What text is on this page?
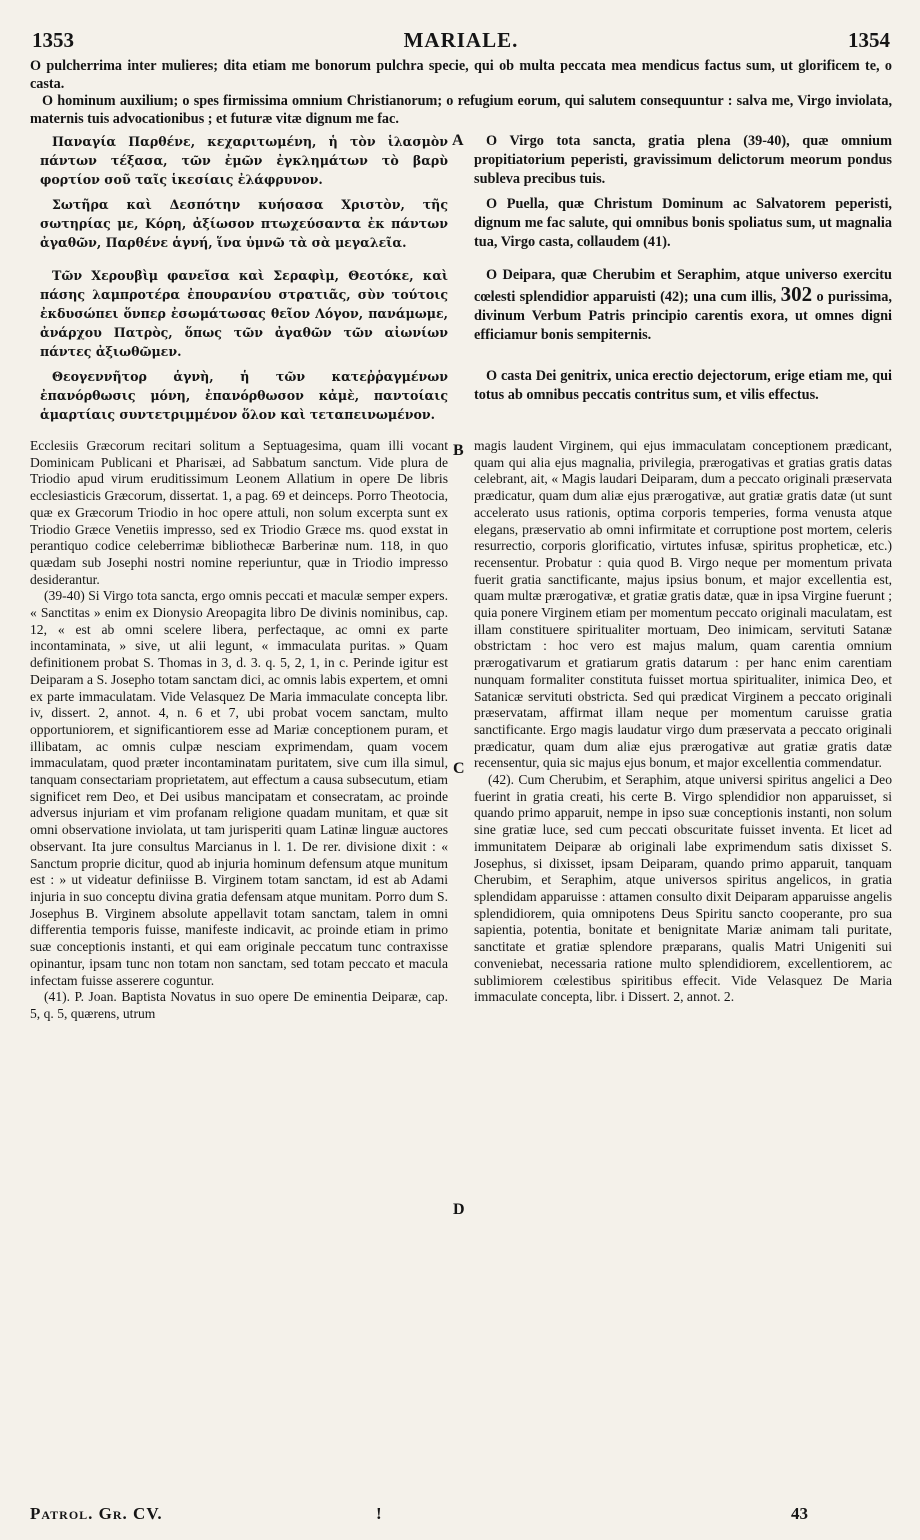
1353	MARIALE.	1354

O pulcherrima inter mulieres; dita etiam me bonorum pulchra specie, qui ob multa peccata mea mendicus factus sum, ut glorificem te, o casta.

O hominum auxilium; o spes firmissima omnium Christianorum; o refugium eorum, qui salutem consequuntur : salva me, Virgo inviolata, maternis tuis advocationibus ; et futuræ vitæ dignum me fac.

A

Παναγία Παρθένε, κεχαριτωμένη, ἡ τὸν ἱλασμὸν πάντων τέξασα, τῶν ἐμῶν ἐγκλημάτων τὸ βαρὺ φορτίον σοῦ ταῖς ἱκεσίαις ἐλάφρυνον.

O Virgo tota sancta, gratia plena (39-40), quæ omnium propitiatorium peperisti, gravissimum delictorum meorum pondus sublevа precibus tuis.

Σωτῆρα καὶ Δεσπότην κυήσασα Χριστὸν, τῆς σωτηρίας με, Κόρη, ἀξίωσον πτωχεύσαντα ἐκ πάντων ἀγαθῶν, Παρθένε ἁγνή, ἵνα ὑμνῶ τὰ σὰ μεγαλεῖα.

O Puella, quæ Christum Dominum ac Salvatorem peperisti, dignum me fac salute, qui omnibus bonis spoliatus sum, ut magnalia tua, Virgo casta, collaudem (41).

Τῶν Χερουβὶμ φανεῖσα καὶ Σεραφὶμ, Θεοτόκε, καὶ πάσης λαμπροτέρα ἐπουρανίου στρατιᾶς, σὺν τούτοις ἐκδυσώπει ὅνπερ ἐσωμάτωσας θεῖον Λόγον, πανάμωμε, ἀνάρχου Πατρὸς, ὅπως τῶν ἀγαθῶν τῶν αἰωνίων πάντες ἀξιωθῶμεν.

O Deipara, quæ Cherubim et Seraphim, atque universo exercitu cœlesti splendidior apparuisti (42); una cum illis, 302 o purissima, divinum Verbum Patris principio carentis exora, ut omnes digni efficiamur bonis sempiternis.

Θεογεννῆτορ ἁγνὴ, ἡ τῶν κατεῤῥαγμένων ἐπανόρθωσις μόνη, ἐπανόρθωσον κἀμὲ, παντοίαις ἁμαρτίαις συντετριμμένον ὅλον καὶ τεταπεινωμένον.

O casta Dei genitrix, unica erectio dejectorum, erige etiam me, qui totus ab omnibus peccatis contritus sum, et vilis effectus.

B
C
D

Ecclesiis Græcorum recitari solitum a Septuagesima, quam illi vocant Dominicam Publicani et Pharisæi, ad Sabbatum sanctum. Vide plura de Triodio apud virum eruditissimum Leonem Allatium in opere De libris ecclesiasticis Græcorum, dissertat. 1, a pag. 69 et deinceps. Porro Theotocia, quæ ex Græcorum Triodio in hoc opere attuli, non solum excerpta sunt ex Triodio Græce Venetiis impresso, sed ex Triodio Græce ms. quod exstat in perantiquo codice celeberrimæ bibliothecæ Barberinæ num. 118, in quo quædam sub Josephi nostri nomine reperiuntur, quæ in Triodio impresso desiderantur.

(39-40) Si Virgo tota sancta, ergo omnis peccati et maculæ semper expers. « Sanctitas » enim ex Dionysio Areopagita libro De divinis nominibus, cap. 12, « est ab omni scelere libera, perfectaque, ac omni ex parte incontaminata, » sive, ut alii legunt, « immaculata puritas. » Quam definitionem probat S. Thomas in 3, d. 3. q. 5, 2, 1, in c. Perinde igitur est Deiparam a S. Josepho totam sanctam dici, ac omnis labis expertem, et omni ex parte immaculatam. Vide Velasquez De Maria immaculate concepta libr. iv, dissert. 2, annot. 4, n. 6 et 7, ubi probat vocem sanctam, multo opportuniorem, et significantiorem esse ad Mariæ conceptionem puram, et illibatam, ac omnis culpæ nesciam exprimendam, quam vocem immaculatam, quod præter incontaminatam puritatem, sive cum illa simul, tanquam consectariam proprietatem, aut effectum a causa subsecutum, etiam significet rem Deo, et Dei usibus mancipatam et consecratam, ac proinde adversus injuriam et vim profanam religione quadam munitam, et quæ sit omni observatione inviolata, ut tam jurisperiti quam Latinæ linguæ auctores observant. Ita jure consultus Marcianus in l. 1. De rer. divisione dixit : « Sanctum proprie dicitur, quod ab injuria hominum defensum atque munitum est : » ut videatur definiisse B. Virginem totam sanctam, id est ab Adami injuria in suo conceptu divina gratia defensam atque munitam. Porro dum S. Josephus B. Virginem absolute appellavit totam sanctam, talem in omni differentia temporis fuisse, manifeste indicavit, ac proinde etiam in primo suæ conceptionis instanti, et qui eam originale peccatum tunc contraxisse opinantur, ipsam tunc non totam non sanctam, sed totam peccato et macula infectam fuisse asserere coguntur.

(41). P. Joan. Baptista Novatus in suo opere De eminentia Deiparæ, cap. 5, q. 5, quærens, utrum

magis laudent Virginem, qui ejus immaculatam conceptionem prædicant, quam qui alia ejus magnalia, privilegia, prærogativas et gratias gratis datas celebrant, ait, « Magis laudari Deiparam, dum a peccato originali præservata prædicatur, quam dum aliæ ejus prærogativæ, aut gratiæ gratis datæ (ut sunt accelerato usus rationis, optima corporis temperies, forma venusta atque elegans, præservatio ab omni infirmitate et corruptione post mortem, celeris resurrectio, corporis glorificatio, virtutes infusæ, spiritus propheticæ, etc.) recensentur. Probatur : quia quod B. Virgo neque per momentum privata fuerit gratia sanctificante, majus ipsius bonum, et major excellentia est, quam multæ prærogativæ, et gratiæ gratis datæ, quæ in ipsa Virgine fuerunt ; quia ponere Virginem etiam per momentum peccato originali maculatam, est illam constituere spiritualiter mortuam, Deo inimicam, servituti Satanæ obstrictam : hoc vero est majus malum, quam carentia omnium prærogativarum et gratiarum gratis datarum : per hanc enim carentiam nunquam formaliter constituta fuisset mortua spiritualiter, inimica Deo, et Satanicæ servituti obstricta. Sed qui prædicat Virginem a peccato originali præservatam, affirmat illam neque per momentum caruisse gratia sanctificante. Ergo magis laudatur virgo dum præservata a peccato originali prædicatur, quam dum aliæ ejus prærogativæ aut gratiæ gratis datæ recensentur, quia sic majus ejus bonum, et major excellentia commendatur.

(42). Cum Cherubim, et Seraphim, atque universi spiritus angelici a Deo fuerint in gratia creati, his certe B. Virgo splendidior non apparuisset, si quando primo apparuit, nempe in ipso suæ conceptionis instanti, non solum sine gratiæ luce, sed cum peccati obscuritate fuisset inventa. Et licet ad immunitatem Deiparæ ab originali labe exprimendum satis dixisset S. Josephus, si dixisset, ipsam Deiparam, quando primo apparuit, tanquam Cherubim, et Seraphim, atque universos spiritus angelicos, in gratia splendidam apparuisse : attamen consulto dixit Deiparam apparuisse angelis splendidiorem, quia omnipotens Deus Spiritu sancto cooperante, pro sua sapientia, potentia, bonitate et benignitate Mariæ animam tali puritate, sanctitate et gratiæ splendore præparans, qualis Matri Unigeniti sui conveniebat, necessaria ratione multo splendidiorem, excellentiorem, ac sublimiorem cœlestibus spiritibus effecit. Vide Velasquez De Maria immaculate concepta, libr. i Dissert. 2, annot. 2.

Patrol. Gr. CV.	!	43
